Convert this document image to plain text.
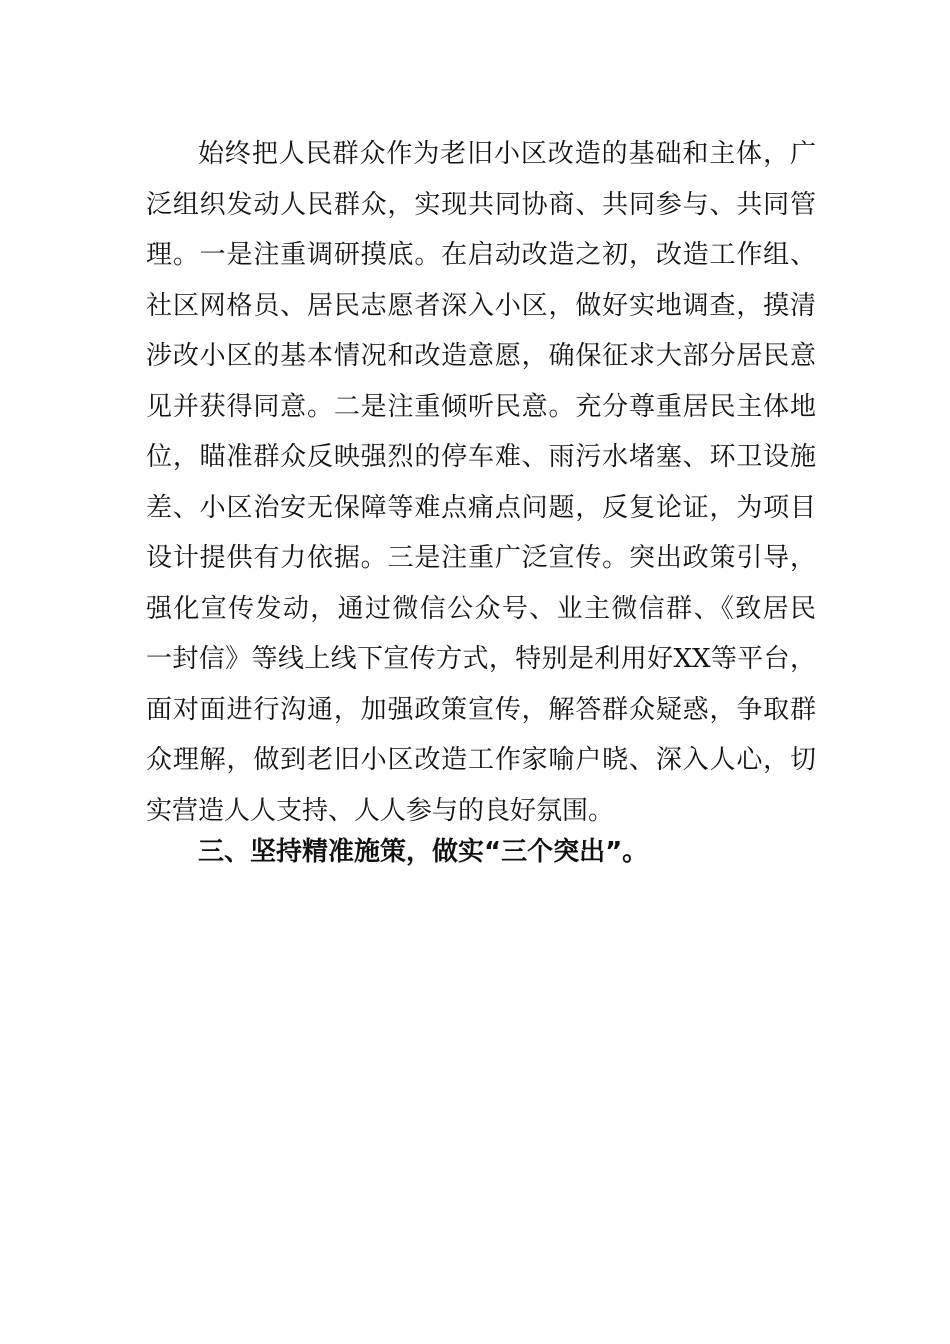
始终把人民群众作为老旧小区改造的基础和主体，广
泛组织发动人民群众，实现共同协商、共同参与、共同管
理。一是注重调研摸底。在启动改造之初，改造工作组、
社区网格员、居民志愿者深入小区，做好实地调查，摸清
涉改小区的基本情况和改造意愿，确保征求大部分居民意
见并获得同意。二是注重倾听民意。充分尊重居民主体地
位，瞄准群众反映强烈的停车难、雨污水堵塞、环卫设施
差、小区治安无保障等难点痛点问题，反复论证，为项目
设计提供有力依据。三是注重广泛宣传。突出政策引导，
强化宣传发动，通过微信公众号、业主微信群、《致居民
一封信》等线上线下宣传方式，特别是利用好XX等平台，
面对面进行沟通，加强政策宣传，解答群众疑惑，争取群
众理解，做到老旧小区改造工作家喻户晓、深入人心，切
实营造人人支持、人人参与的良好氛围。
三、坚持精准施策，做实“三个突出”。
